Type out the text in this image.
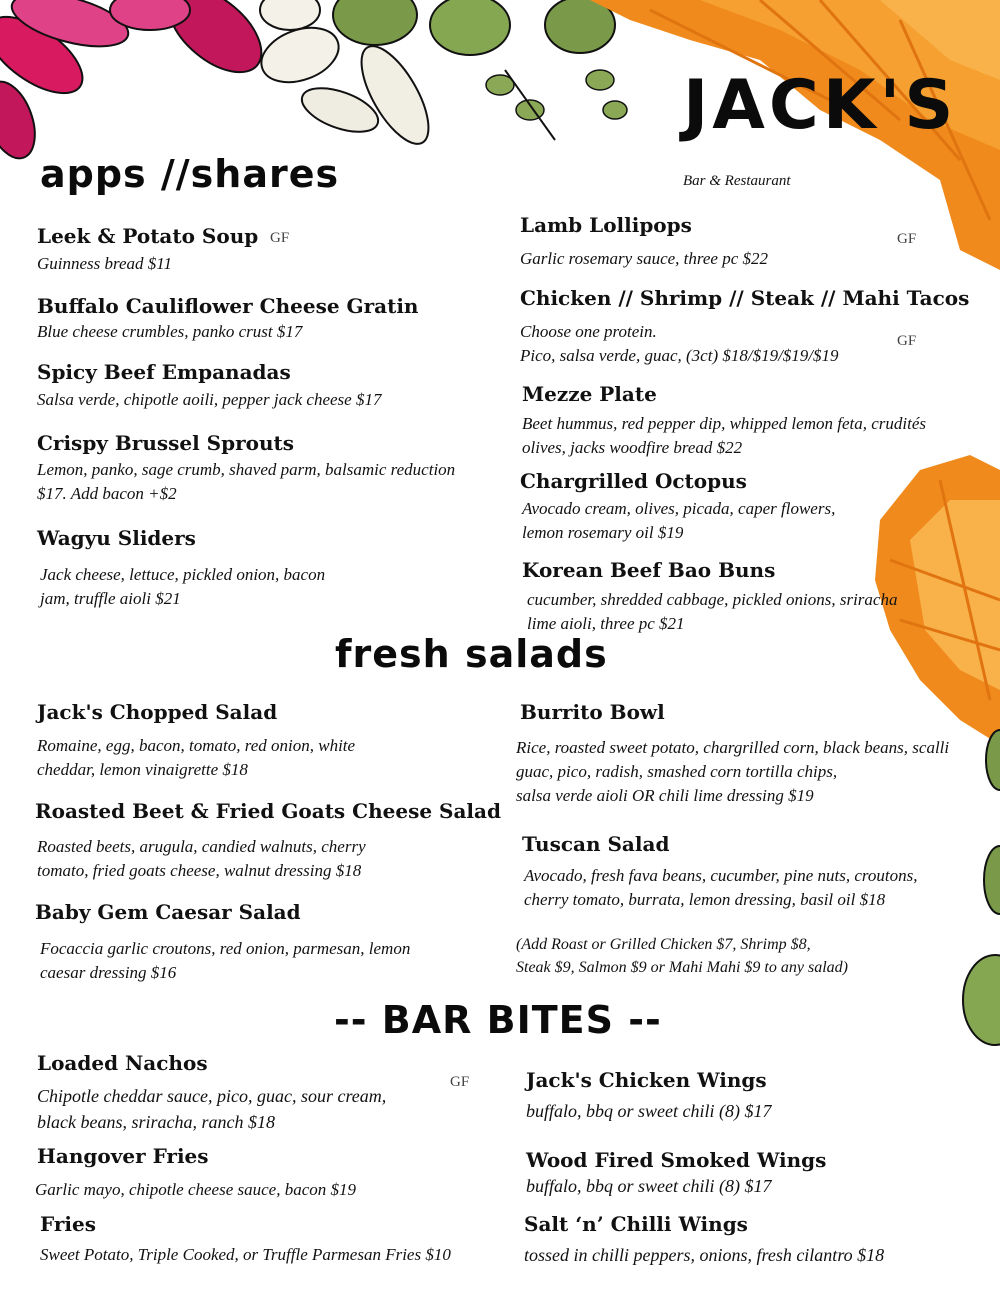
JACK'S
Bar & Restaurant
apps //shares
Leek & Potato Soup GF
Guinness bread $11
Buffalo Cauliflower Cheese Gratin
Blue cheese crumbles, panko crust $17
Spicy Beef Empanadas
Salsa verde, chipotle aoili, pepper jack cheese $17
Crispy Brussel Sprouts
Lemon, panko, sage crumb, shaved parm, balsamic reduction
$17. Add bacon +$2
Wagyu Sliders
Jack cheese, lettuce, pickled onion, bacon
jam, truffle aioli $21
Lamb Lollipops
GF
Garlic rosemary sauce, three pc $22
Chicken // Shrimp // Steak // Mahi Tacos
GF
Choose one protein.
Pico, salsa verde, guac, (3ct) $18/$19/$19/$19
Mezze Plate
Beet hummus, red pepper dip, whipped lemon feta, crudités
olives, jacks woodfire bread $22
Chargrilled Octopus
Avocado cream, olives, picada, caper flowers,
lemon rosemary oil $19
Korean Beef Bao Buns
cucumber, shredded cabbage, pickled onions, sriracha
lime aioli, three pc $21
fresh salads
Jack's Chopped Salad
Romaine, egg, bacon, tomato, red onion, white
cheddar, lemon vinaigrette $18
Roasted Beet & Fried Goats Cheese Salad
Roasted beets, arugula, candied walnuts, cherry
tomato, fried goats cheese, walnut dressing $18
Baby Gem Caesar Salad
Focaccia garlic croutons, red onion, parmesan, lemon
caesar dressing $16
Burrito Bowl
Rice, roasted sweet potato, chargrilled corn, black beans, scalli
guac, pico, radish, smashed corn tortilla chips,
salsa verde aioli OR chili lime dressing $19
Tuscan Salad
Avocado, fresh fava beans, cucumber, pine nuts, croutons,
cherry tomato, burrata, lemon dressing, basil oil $18
(Add Roast or Grilled Chicken $7, Shrimp $8,
Steak $9, Salmon $9 or Mahi Mahi $9 to any salad)
-- BAR BITES --
Loaded Nachos
GF
Chipotle cheddar sauce, pico, guac, sour cream,
black beans, sriracha, ranch $18
Hangover Fries
Garlic mayo, chipotle cheese sauce, bacon $19
Fries
Sweet Potato, Triple Cooked, or Truffle Parmesan Fries $10
Jack's Chicken Wings
buffalo, bbq or sweet chili (8) $17
Wood Fired Smoked Wings
buffalo, bbq or sweet chili (8) $17
Salt ‘n’ Chilli Wings
tossed in chilli peppers, onions, fresh cilantro $18
